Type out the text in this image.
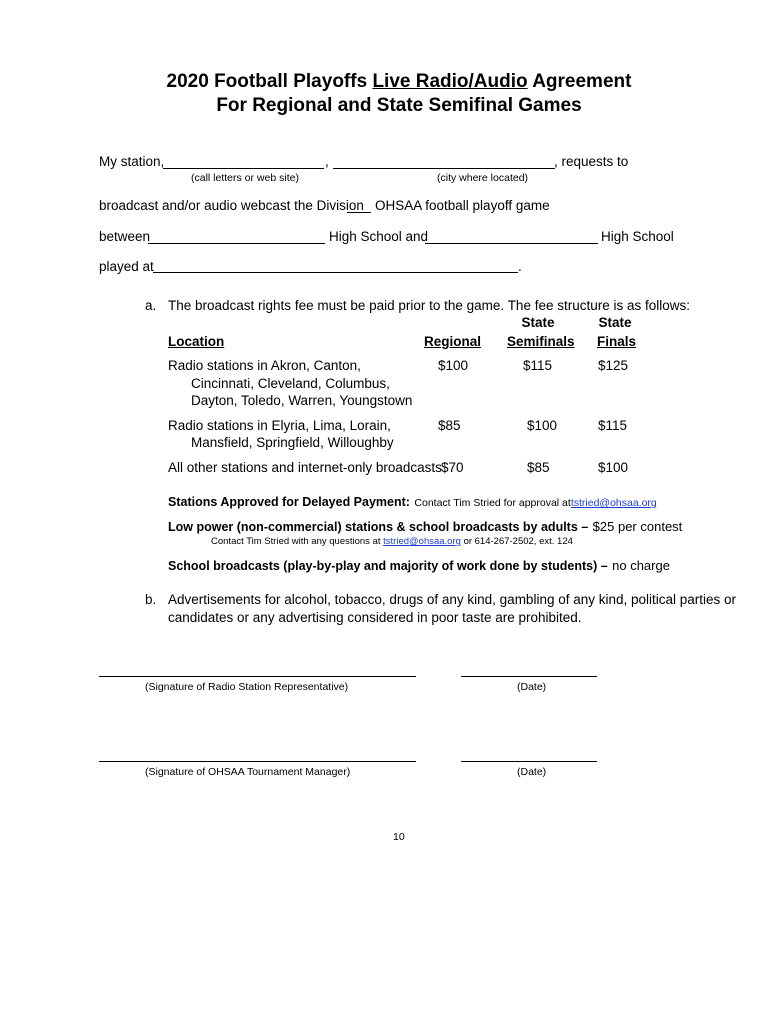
2020 Football Playoffs Live Radio/Audio Agreement
For Regional and State Semifinal Games
My station,	,	, requests to
(call letters or web site)	(city where located)
broadcast and/or audio webcast the Division OHSAA football playoff game
between	High School and	High School
played at	.
a. The broadcast rights fee must be paid prior to the game. The fee structure is as follows:
State	State
Location	Regional Semifinals Finals
Radio stations in Akron, Canton,
Cincinnati, Cleveland, Columbus,
Dayton, Toledo, Warren, Youngstown
$100	$115	$125
Radio stations in Elyria, Lima, Lorain,
Mansfield, Springfield, Willoughby
$85	$100	$115
All other stations and internet-only broadcasts $70	$85	$100
Stations Approved for Delayed Payment: Contact Tim Stried for approval attstried@ohsaa.org
Low power (non-commercial) stations & school broadcasts by adults – $25 per contest
Contact Tim Stried with any questions at tstried@ohsaa.org or 614-267-2502, ext. 124
School broadcasts (play-by-play and majority of work done by students) – no charge
b. Advertisements for alcohol, tobacco, drugs of any kind, gambling of any kind, political parties or
candidates or any advertising considered in poor taste are prohibited.
(Signature of Radio Station Representative)	(Date)
(Signature of OHSAA Tournament Manager)	(Date)
10
